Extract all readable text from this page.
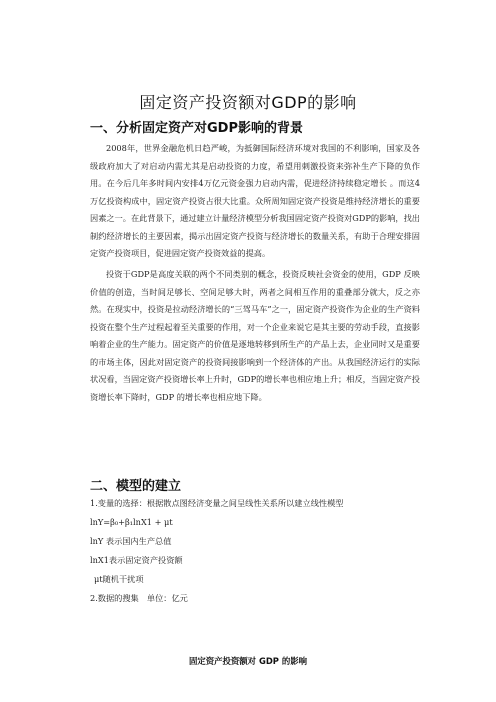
固定资产投资额对GDP的影响
一、分析固定资产对GDP影响的背景

2008年，世界金融危机日趋严峻，为抵御国际经济环境对我国的不利影响，国家及各级政府加大了对启动内需尤其是启动投资的力度，希望用刺激投资来弥补生产下降的负作用。在今后几年多时间内安排4万亿元资金强力启动内需，促进经济持续稳定增长 。而这4 万亿投资构成中，固定资产投资占很大比重。众所周知固定资产投资是维持经济增长的重要因素之一。在此背景下，通过建立计量经济模型分析我国固定资产投资对GDP的影响，找出制约经济增长的主要因素，揭示出固定资产投资与经济增长的数量关系，有助于合理安排固定资产投资项目，促进固定资产投资效益的提高。

投资于GDP是高度关联的两个不同类别的概念，投资反映社会资金的使用，GDP 反映价值的创造，当时间足够长、空间足够大时，两者之间相互作用的重叠部分就大，反之亦然。在现实中，投资是拉动经济增长的“三驾马车”之一，固定资产投资作为企业的生产资料投资在整个生产过程起着至关重要的作用，对一个企业来说它是其主要的劳动手段，直接影响着企业的生产能力。固定资产的价值是逐地转移到所生产的产品上去，企业同时又是重要的市场主体，因此对固定资产的投资间接影响到一个经济体的产出。从我国经济运行的实际状况看，当固定资产投资增长率上升时，GDP的增长率也相应地上升；相反，当固定资产投资增长率下降时，GDP 的增长率也相应地下降。

二、模型的建立
1.变量的选择：根据散点图经济变量之间呈线性关系所以建立线性模型
lnY=β₀+β₁lnX1 + μt
lnY 表示国内生产总值
lnX1表示固定资产投资额
μt随机干扰项
2.数据的搜集　单位：亿元
固定资产投资额对 GDP 的影响
